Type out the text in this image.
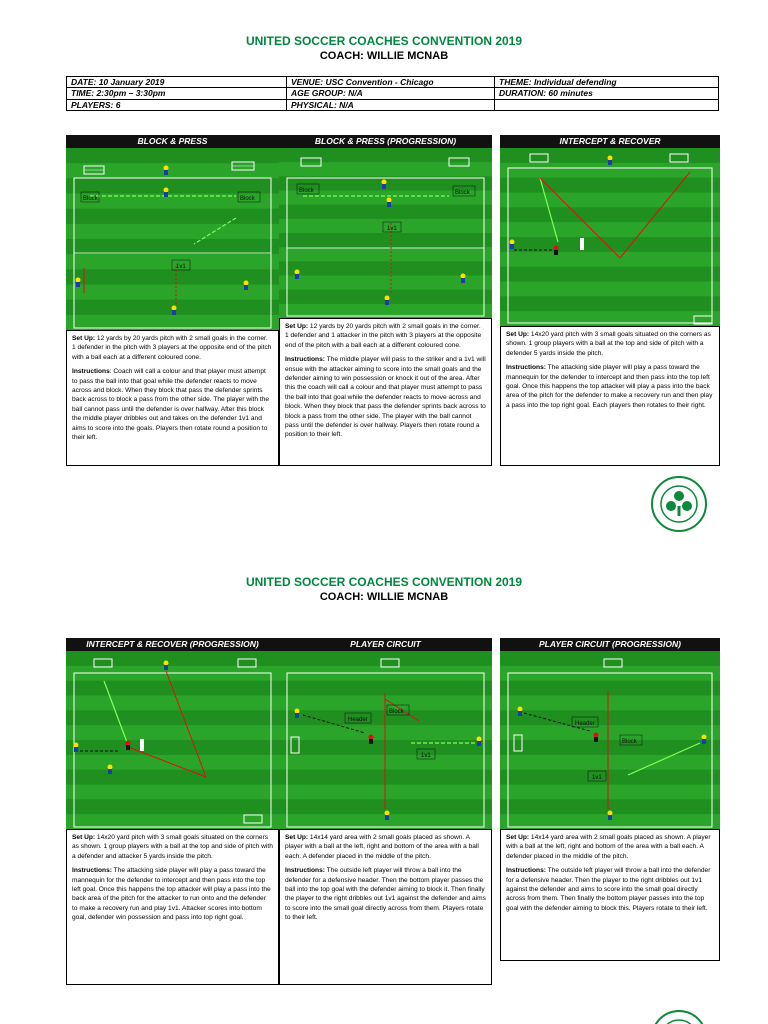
UNITED SOCCER COACHES CONVENTION 2019
COACH: WILLIE MCNAB
DATE: 10 January 2019	VENUE: USC Convention - Chicago	THEME: Individual defending
TIME: 2:30pm – 3:30pm	AGE GROUP: N/A	DURATION: 60 minutes
PLAYERS: 6	PHYSICAL: N/A	
BLOCK & PRESS
Block	Block
1v1

Set Up: 12 yards by 20 yards pitch with 2 small goals in the corner. 1 defender in the pitch with 3 players at the opposite end of the pitch with a ball each at a different coloured cone.

Instructions: Coach will call a colour and that player must attempt to pass the ball into that goal while the defender reacts to move across and block. When they block that pass the defender sprints back across to block a pass from the other side. The player with the ball cannot pass until the defender is over halfway. After this block the middle player dribbles out and takes on the defender 1v1 and aims to score into the goals. Players then rotate round a position to their left.

BLOCK & PRESS (PROGRESSION)
Block	Block
1v1

Set Up: 12 yards by 20 yards pitch with 2 small goals in the corner. 1 defender and 1 attacker in the pitch with 3 players at the opposite end of the pitch with a ball each at a different coloured cone.

Instructions: The middle player will pass to the striker and a 1v1 will ensue with the attacker aiming to score into the small goals and the defender aiming to win possession or knock it out of the area. After this the coach will call a colour and that player must attempt to pass the ball into that goal while the defender reacts to move across and block. When they block that pass the defender sprints back across to block a pass from the other side. The player with the ball cannot pass until the defender is over hallway. Players then rotate round a position to their left.

INTERCEPT & RECOVER

Set Up: 14x20 yard pitch with 3 small goals situated on the corners as shown. 1 group players with a ball at the top and side of pitch with a defender 5 yards inside the pitch.

Instructions: The attacking side player will play a pass toward the mannequin for the defender to intercept and then pass into the top left goal. Once this happens the top attacker will play a pass into the back area of the pitch for the defender to make a recovery run and then play a pass into the top right goal. Each players then rotates to their right.

UNITED SOCCER COACHES CONVENTION 2019
COACH: WILLIE MCNAB
INTERCEPT & RECOVER (PROGRESSION)

Set Up: 14x20 yard pitch with 3 small goals situated on the corners as shown. 1 group players with a ball at the top and side of pitch with a defender and attacker 5 yards inside the pitch.

Instructions: The attacking side player will play a pass toward the mannequin for the defender to intercept and then pass into the top left goal. Once this happens the top attacker will play a pass into the back area of the pitch for the attacker to run onto and the defender to make a recovery run and play 1v1. Attacker scores into bottom goal, defender win possession and pass into top right goal.

PLAYER CIRCUIT
Header
Block
1v1

Set Up: 14x14 yard area with 2 small goals placed as shown. A player with a ball at the left, right and bottom of the area with a ball each. A defender placed in the middle of the pitch.

Instructions: The outside left player will throw a ball into the defender for a defensive header. Then the bottom player passes the ball into the top goal with the defender aiming to block it. Then finally the player to the right dribbles out 1v1 against the defender and aims to score into the small goal directly across from them. Players rotate to their left.

PLAYER CIRCUIT (PROGRESSION)
Header
Block
1v1

Set Up: 14x14 yard area with 2 small goals placed as shown. A player with a ball at the left, right and bottom of the area with a ball each. A defender placed in the middle of the pitch.

Instructions: The outside left player will throw a ball into the defender for a defensive header. Then the player to the right dribbles out 1v1 against the defender and aims to score into the small goal directly across from them. Then finally the bottom player passes into the top goal with the defender aiming to block this. Players rotate to their left.
